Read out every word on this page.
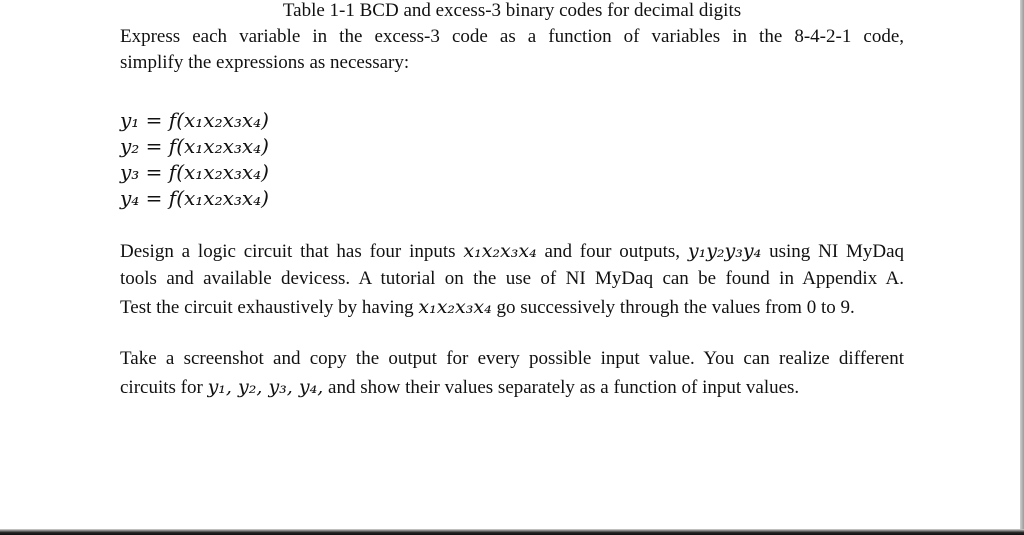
Table 1-1 BCD and excess-3 binary codes for decimal digits

Express each variable in the excess-3 code as a function of variables in the 8-4-2-1 code,

simplify the expressions as necessary:

y₁ = f(x₁x₂x₃x₄)
y₂ = f(x₁x₂x₃x₄)
y₃ = f(x₁x₂x₃x₄)
y₄ = f(x₁x₂x₃x₄)

Design a logic circuit that has four inputs x₁x₂x₃x₄ and four outputs, y₁y₂y₃y₄ using NI MyDaq

tools and available devicess. A tutorial on the use of NI MyDaq can be found in Appendix A.

Test the circuit exhaustively by having x₁x₂x₃x₄ go successively through the values from 0 to 9.

Take a screenshot and copy the output for every possible input value. You can realize different

circuits for y₁, y₂, y₃, y₄, and show their values separately as a function of input values.
